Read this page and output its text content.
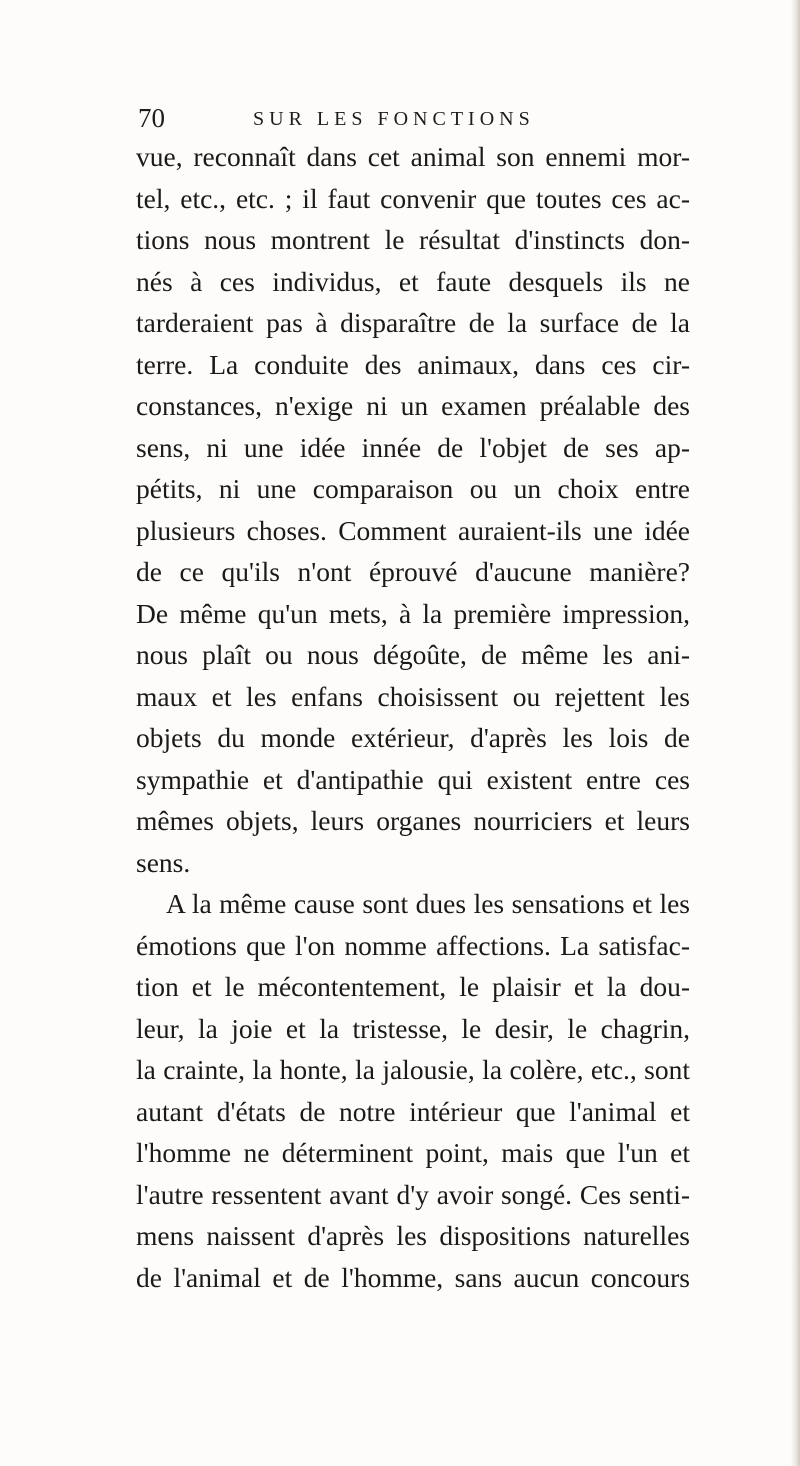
70	SUR LES FONCTIONS
vue, reconnaît dans cet animal son ennemi mor-
tel, etc., etc. ; il faut convenir que toutes ces ac-
tions nous montrent le résultat d'instincts don-
nés à ces individus, et faute desquels ils ne
tarderaient pas à disparaître de la surface de la
terre. La conduite des animaux, dans ces cir-
constances, n'exige ni un examen préalable des
sens, ni une idée innée de l'objet de ses ap-
pétits, ni une comparaison ou un choix entre
plusieurs choses. Comment auraient-ils une idée
de ce qu'ils n'ont éprouvé d'aucune manière?
De même qu'un mets, à la première impression,
nous plaît ou nous dégoûte, de même les ani-
maux et les enfans choisissent ou rejettent les
objets du monde extérieur, d'après les lois de
sympathie et d'antipathie qui existent entre ces
mêmes objets, leurs organes nourriciers et leurs
sens.
A la même cause sont dues les sensations et les
émotions que l'on nomme affections. La satisfac-
tion et le mécontentement, le plaisir et la dou-
leur, la joie et la tristesse, le desir, le chagrin,
la crainte, la honte, la jalousie, la colère, etc., sont
autant d'états de notre intérieur que l'animal et
l'homme ne déterminent point, mais que l'un et
l'autre ressentent avant d'y avoir songé. Ces senti-
mens naissent d'après les dispositions naturelles
de l'animal et de l'homme, sans aucun concours
